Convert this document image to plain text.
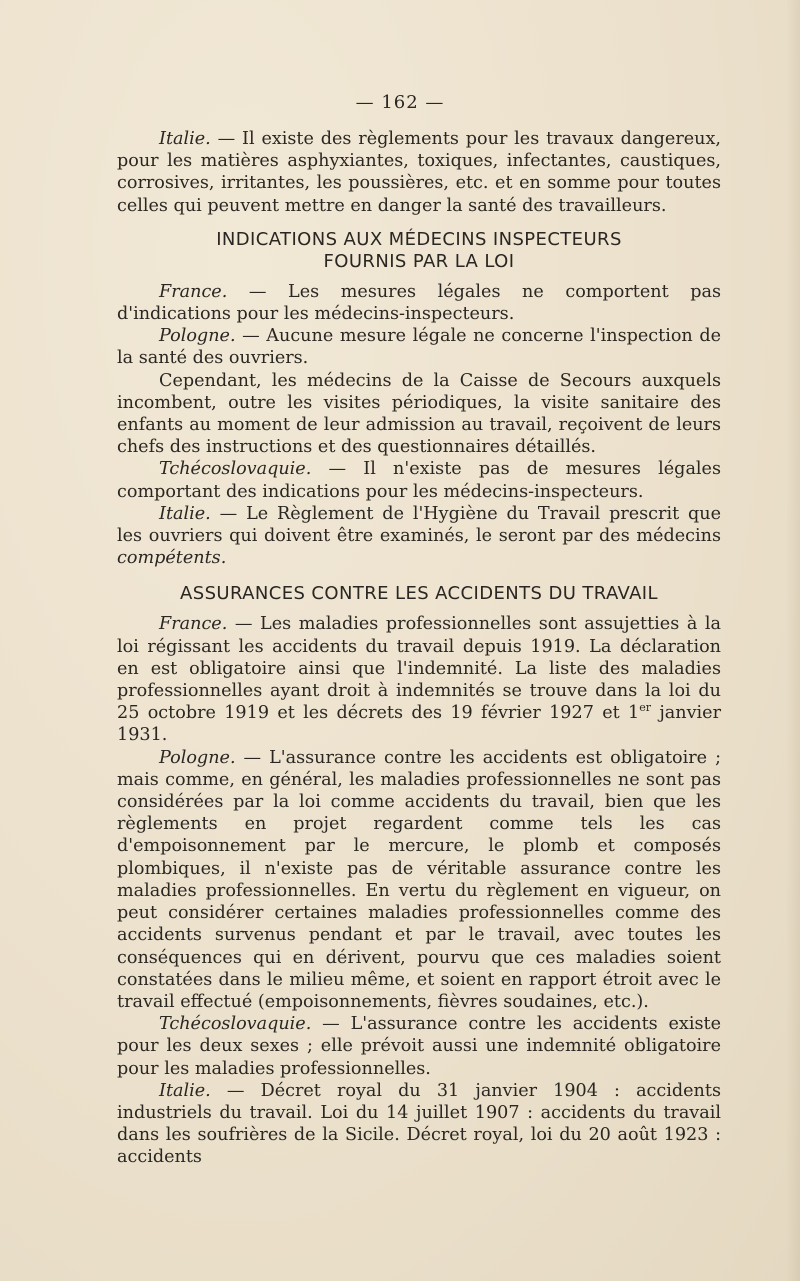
— 162 —

Italie. — Il existe des règlements pour les travaux dangereux, pour les matières asphyxiantes, toxiques, infectantes, caustiques, corrosives, irritantes, les poussières, etc. et en somme pour toutes celles qui peuvent mettre en danger la santé des travailleurs.

INDICATIONS AUX MÉDECINS INSPECTEURS
FOURNIS PAR LA LOI

France. — Les mesures légales ne comportent pas d'indications pour les médecins-inspecteurs.

Pologne. — Aucune mesure légale ne concerne l'inspection de la santé des ouvriers.

Cependant, les médecins de la Caisse de Secours auxquels incombent, outre les visites périodiques, la visite sanitaire des enfants au moment de leur admission au travail, reçoivent de leurs chefs des instructions et des questionnaires détaillés.

Tchécoslovaquie. — Il n'existe pas de mesures légales comportant des indications pour les médecins-inspecteurs.

Italie. — Le Règlement de l'Hygiène du Travail prescrit que les ouvriers qui doivent être examinés, le seront par des médecins compétents.

ASSURANCES CONTRE LES ACCIDENTS DU TRAVAIL

France. — Les maladies professionnelles sont assujetties à la loi régissant les accidents du travail depuis 1919. La déclaration en est obligatoire ainsi que l'indemnité. La liste des maladies professionnelles ayant droit à indemnités se trouve dans la loi du 25 octobre 1919 et les décrets des 19 février 1927 et 1er janvier 1931.

Pologne. — L'assurance contre les accidents est obligatoire ; mais comme, en général, les maladies professionnelles ne sont pas considérées par la loi comme accidents du travail, bien que les règlements en projet regardent comme tels les cas d'empoisonnement par le mercure, le plomb et composés plombiques, il n'existe pas de véritable assurance contre les maladies professionnelles. En vertu du règlement en vigueur, on peut considérer certaines maladies professionnelles comme des accidents survenus pendant et par le travail, avec toutes les conséquences qui en dérivent, pourvu que ces maladies soient constatées dans le milieu même, et soient en rapport étroit avec le travail effectué (empoisonnements, fièvres soudaines, etc.).

Tchécoslovaquie. — L'assurance contre les accidents existe pour les deux sexes ; elle prévoit aussi une indemnité obligatoire pour les maladies professionnelles.

Italie. — Décret royal du 31 janvier 1904 : accidents industriels du travail. Loi du 14 juillet 1907 : accidents du travail dans les soufrières de la Sicile. Décret royal, loi du 20 août 1923 : accidents
